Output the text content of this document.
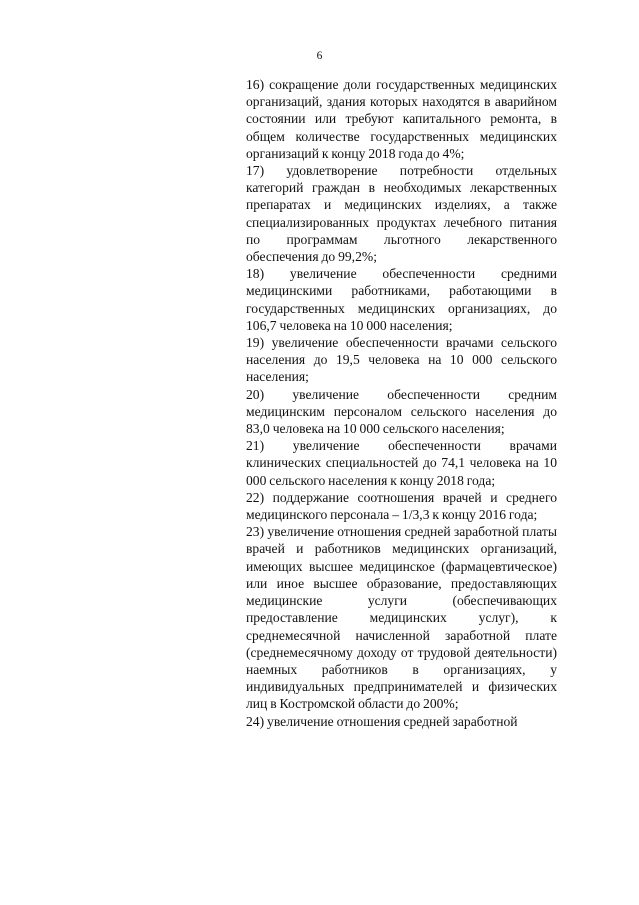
6

16) сокращение доли государственных медицинских организаций, здания которых находятся в аварийном состоянии или требуют капитального ремонта, в общем количестве государственных медицинских организаций к концу 2018 года до 4%;

17) удовлетворение потребности отдельных категорий граждан в необходимых лекарственных препаратах и медицинских изделиях, а также специализированных продуктах лечебного питания по программам льготного лекарственного обеспечения до 99,2%;

18) увеличение обеспеченности средними медицинскими работниками, работающими в государственных медицинских организациях, до 106,7 человека на 10 000 населения;

19) увеличение обеспеченности врачами сельского населения до 19,5 человека на 10 000 сельского населения;

20) увеличение обеспеченности средним медицинским персоналом сельского населения до 83,0 человека на 10 000 сельского населения;

21) увеличение обеспеченности врачами клинических специальностей до 74,1 человека на 10 000 сельского населения к концу 2018 года;

22) поддержание соотношения врачей и среднего медицинского персонала – 1/3,3 к концу 2016 года;

23) увеличение отношения средней заработной платы врачей и работников медицинских организаций, имеющих высшее медицинское (фармацевтическое) или иное высшее образование, предоставляющих медицинские услуги (обеспечивающих предоставление медицинских услуг), к среднемесячной начисленной заработной плате (среднемесячному доходу от трудовой деятельности) наемных работников в организациях, у индивидуальных предпринимателей и физических лиц в Костромской области до 200%;

24) увеличение отношения средней заработной
